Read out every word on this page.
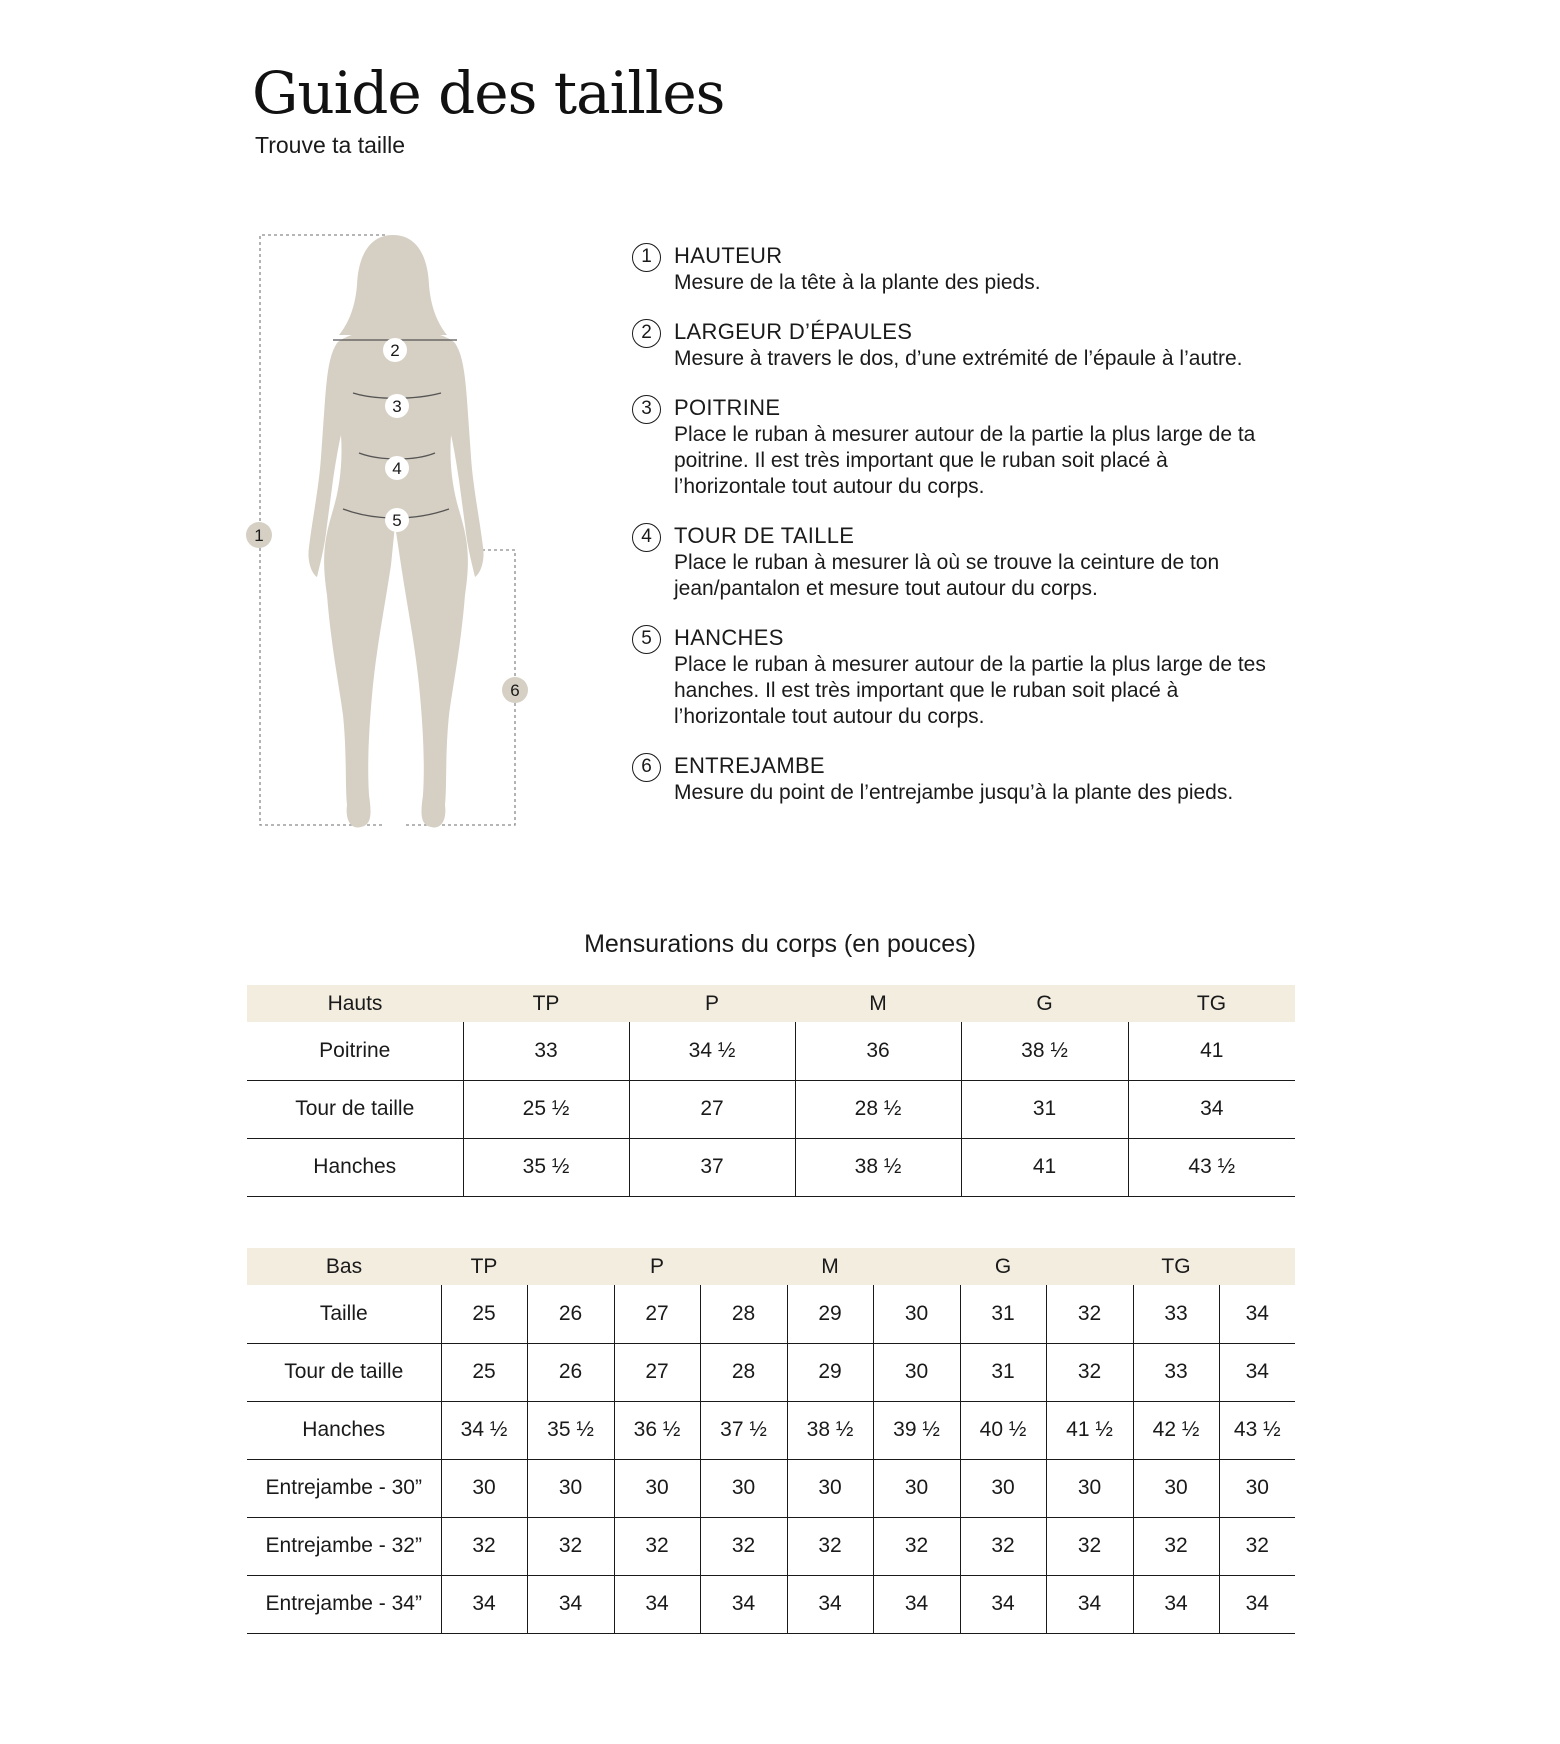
Guide des tailles
Trouve ta taille
2
3
4
5
1
6
1	HAUTEUR
Mesure de la tête à la plante des pieds.
2	LARGEUR D’ÉPAULES
Mesure à travers le dos, d’une extrémité de l’épaule à l’autre.
3	POITRINE
Place le ruban à mesurer autour de la partie la plus large de ta poitrine. Il est très important que le ruban soit placé à l’horizontale tout autour du corps.
4	TOUR DE TAILLE
Place le ruban à mesurer là où se trouve la ceinture de ton jean/pantalon et mesure tout autour du corps.
5	HANCHES
Place le ruban à mesurer autour de la partie la plus large de tes hanches. Il est très important que le ruban soit placé à l’horizontale tout autour du corps.
6	ENTREJAMBE
Mesure du point de l’entrejambe jusqu’à la plante des pieds.
Mensurations du corps (en pouces)
Hauts	TP	P	M	G	TG
Poitrine	33	34 ½	36	38 ½	41
Tour de taille	25 ½	27	28 ½	31	34
Hanches	35 ½	37	38 ½	41	43 ½
Bas	TP		P		M		G		TG	
Taille	25	26	27	28	29	30	31	32	33	34
Tour de taille	25	26	27	28	29	30	31	32	33	34
Hanches	34 ½	35 ½	36 ½	37 ½	38 ½	39 ½	40 ½	41 ½	42 ½	43 ½
Entrejambe - 30”	30	30	30	30	30	30	30	30	30	30
Entrejambe - 32”	32	32	32	32	32	32	32	32	32	32
Entrejambe - 34”	34	34	34	34	34	34	34	34	34	34
